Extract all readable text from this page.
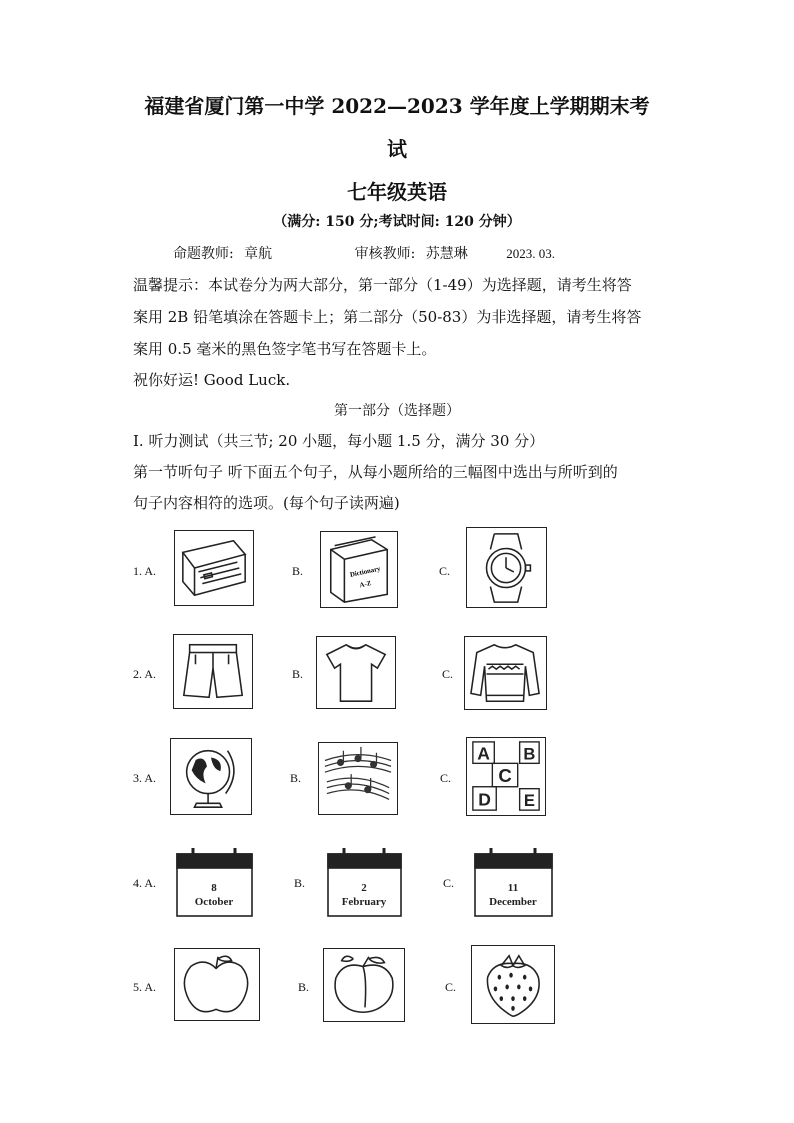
福建省厦门第一中学 2022—2023 学年度上学期期末考
试
七年级英语
（满分: 150 分;考试时间: 120 分钟）
命题教师: 章航	审核教师: 苏慧琳	2023. 03.
温馨提示：本试卷分为两大部分，第一部分（1-49）为选择题，请考生将答
案用 2B 铅笔填涂在答题卡上；第二部分（50-83）为非选择题，请考生将答
案用 0.5 毫米的黑色签字笔书写在答题卡上。
祝你好运! Good Luck.
第一部分（选择题）
I. 听力测试（共三节; 20 小题，每小题 1.5 分，满分 30 分）
第一节听句子 听下面五个句子，从每小题所给的三幅图中选出与所听到的
句子内容相符的选项。(每个句子读两遍)
1. A.	B.	Dictionary
A-Z
C.
2. A.	B.	C.
3. A.	B.	C.
A B
C
D E
4. A.	8
October
B.	2
February
C.	11
December
5. A.	B.	C.
